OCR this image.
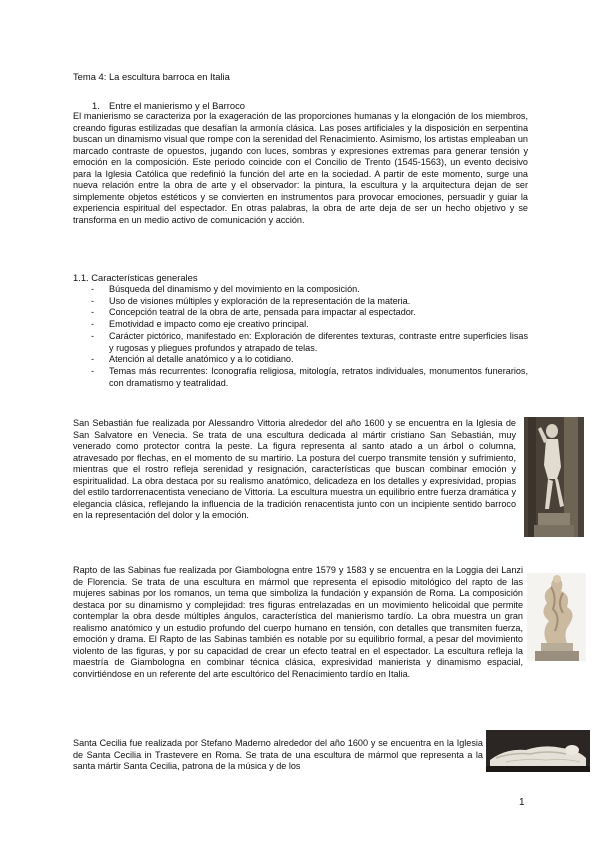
Tema 4: La escultura barroca en Italia
1. Entre el manierismo y el Barroco

El manierismo se caracteriza por la exageración de las proporciones humanas y la elongación de los miembros, creando figuras estilizadas que desafían la armonía clásica. Las poses artificiales y la disposición en serpentina buscan un dinamismo visual que rompe con la serenidad del Renacimiento. Asimismo, los artistas empleaban un marcado contraste de opuestos, jugando con luces, sombras y expresiones extremas para generar tensión y emoción en la composición. Este periodo coincide con el Concilio de Trento (1545-1563), un evento decisivo para la Iglesia Católica que redefinió la función del arte en la sociedad. A partir de este momento, surge una nueva relación entre la obra de arte y el observador: la pintura, la escultura y la arquitectura dejan de ser simplemente objetos estéticos y se convierten en instrumentos para provocar emociones, persuadir y guiar la experiencia espiritual del espectador. En otras palabras, la obra de arte deja de ser un hecho objetivo y se transforma en un medio activo de comunicación y acción.

1.1. Características generales
- Búsqueda del dinamismo y del movimiento en la composición.
- Uso de visiones múltiples y exploración de la representación de la materia.
- Concepción teatral de la obra de arte, pensada para impactar al espectador.
- Emotividad e impacto como eje creativo principal.
- Carácter pictórico, manifestado en: Exploración de diferentes texturas, contraste entre superficies lisas y rugosas y pliegues profundos y atrapado de telas.
- Atención al detalle anatómico y a lo cotidiano.
- Temas más recurrentes: Iconografía religiosa, mitología, retratos individuales, monumentos funerarios, con dramatismo y teatralidad.

San Sebastián fue realizada por Alessandro Vittoria alrededor del año 1600 y se encuentra en la Iglesia de San Salvatore en Venecia. Se trata de una escultura dedicada al mártir cristiano San Sebastián, muy venerado como protector contra la peste. La figura representa al santo atado a un árbol o columna, atravesado por flechas, en el momento de su martirio. La postura del cuerpo transmite tensión y sufrimiento, mientras que el rostro refleja serenidad y resignación, características que buscan combinar emoción y espiritualidad. La obra destaca por su realismo anatómico, delicadeza en los detalles y expresividad, propias del estilo tardorrenacentista veneciano de Vittoria. La escultura muestra un equilibrio entre fuerza dramática y elegancia clásica, reflejando la influencia de la tradición renacentista junto con un incipiente sentido barroco en la representación del dolor y la emoción.

Rapto de las Sabinas fue realizada por Giambologna entre 1579 y 1583 y se encuentra en la Loggia dei Lanzi de Florencia. Se trata de una escultura en mármol que representa el episodio mitológico del rapto de las mujeres sabinas por los romanos, un tema que simboliza la fundación y expansión de Roma. La composición destaca por su dinamismo y complejidad: tres figuras entrelazadas en un movimiento helicoidal que permite contemplar la obra desde múltiples ángulos, característica del manierismo tardío. La obra muestra un gran realismo anatómico y un estudio profundo del cuerpo humano en tensión, con detalles que transmiten fuerza, emoción y drama. El Rapto de las Sabinas también es notable por su equilibrio formal, a pesar del movimiento violento de las figuras, y por su capacidad de crear un efecto teatral en el espectador. La escultura refleja la maestría de Giambologna en combinar técnica clásica, expresividad manierista y dinamismo espacial, convirtiéndose en un referente del arte escultórico del Renacimiento tardío en Italia.

Santa Cecilia fue realizada por Stefano Maderno alrededor del año 1600 y se encuentra en la Iglesia de Santa Cecilia in Trastevere en Roma. Se trata de una escultura de mármol que representa a la santa mártir Santa Cecilia, patrona de la música y de los

1
